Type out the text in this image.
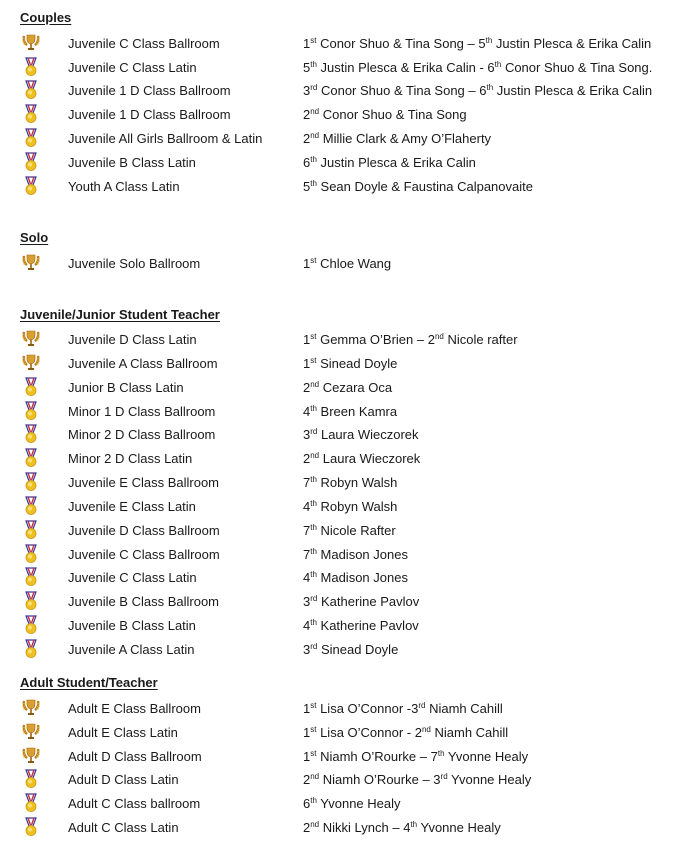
Couples
Juvenile C Class Ballroom	1st Conor Shuo & Tina Song – 5th Justin Plesca & Erika Calin
Juvenile C Class Latin	5th Justin Plesca & Erika Calin - 6th Conor Shuo & Tina Song.
Juvenile 1 D Class Ballroom	3rd Conor Shuo & Tina Song – 6th Justin Plesca & Erika Calin
Juvenile 1 D Class Ballroom	2nd Conor Shuo & Tina Song
Juvenile All Girls Ballroom & Latin	2nd Millie Clark & Amy O’Flaherty
Juvenile B Class Latin	6th Justin Plesca & Erika Calin
Youth A Class Latin	5th Sean Doyle & Faustina Calpanovaite
Solo
Juvenile Solo Ballroom	1st Chloe Wang
Juvenile/Junior Student Teacher
Juvenile D Class Latin	1st Gemma O’Brien – 2nd Nicole rafter
Juvenile A Class Ballroom	1st Sinead Doyle
Junior B Class Latin	2nd Cezara Oca
Minor 1 D Class Ballroom	4th Breen Kamra
Minor 2 D Class Ballroom	3rd Laura Wieczorek
Minor 2 D Class Latin	2nd Laura Wieczorek
Juvenile E Class Ballroom	7th Robyn Walsh
Juvenile E Class Latin	4th Robyn Walsh
Juvenile D Class Ballroom	7th Nicole Rafter
Juvenile C Class Ballroom	7th Madison Jones
Juvenile C Class Latin	4th Madison Jones
Juvenile B Class Ballroom	3rd Katherine Pavlov
Juvenile B Class Latin	4th Katherine Pavlov
Juvenile A Class Latin	3rd Sinead Doyle
Adult Student/Teacher
Adult E Class Ballroom	1st Lisa O’Connor -3rd Niamh Cahill
Adult E Class Latin	1st Lisa O’Connor - 2nd Niamh Cahill
Adult D Class Ballroom	1st Niamh O’Rourke – 7th Yvonne Healy
Adult D Class Latin	2nd Niamh O’Rourke – 3rd Yvonne Healy
Adult C Class ballroom	6th Yvonne Healy
Adult C Class Latin	2nd Nikki Lynch – 4th Yvonne Healy
